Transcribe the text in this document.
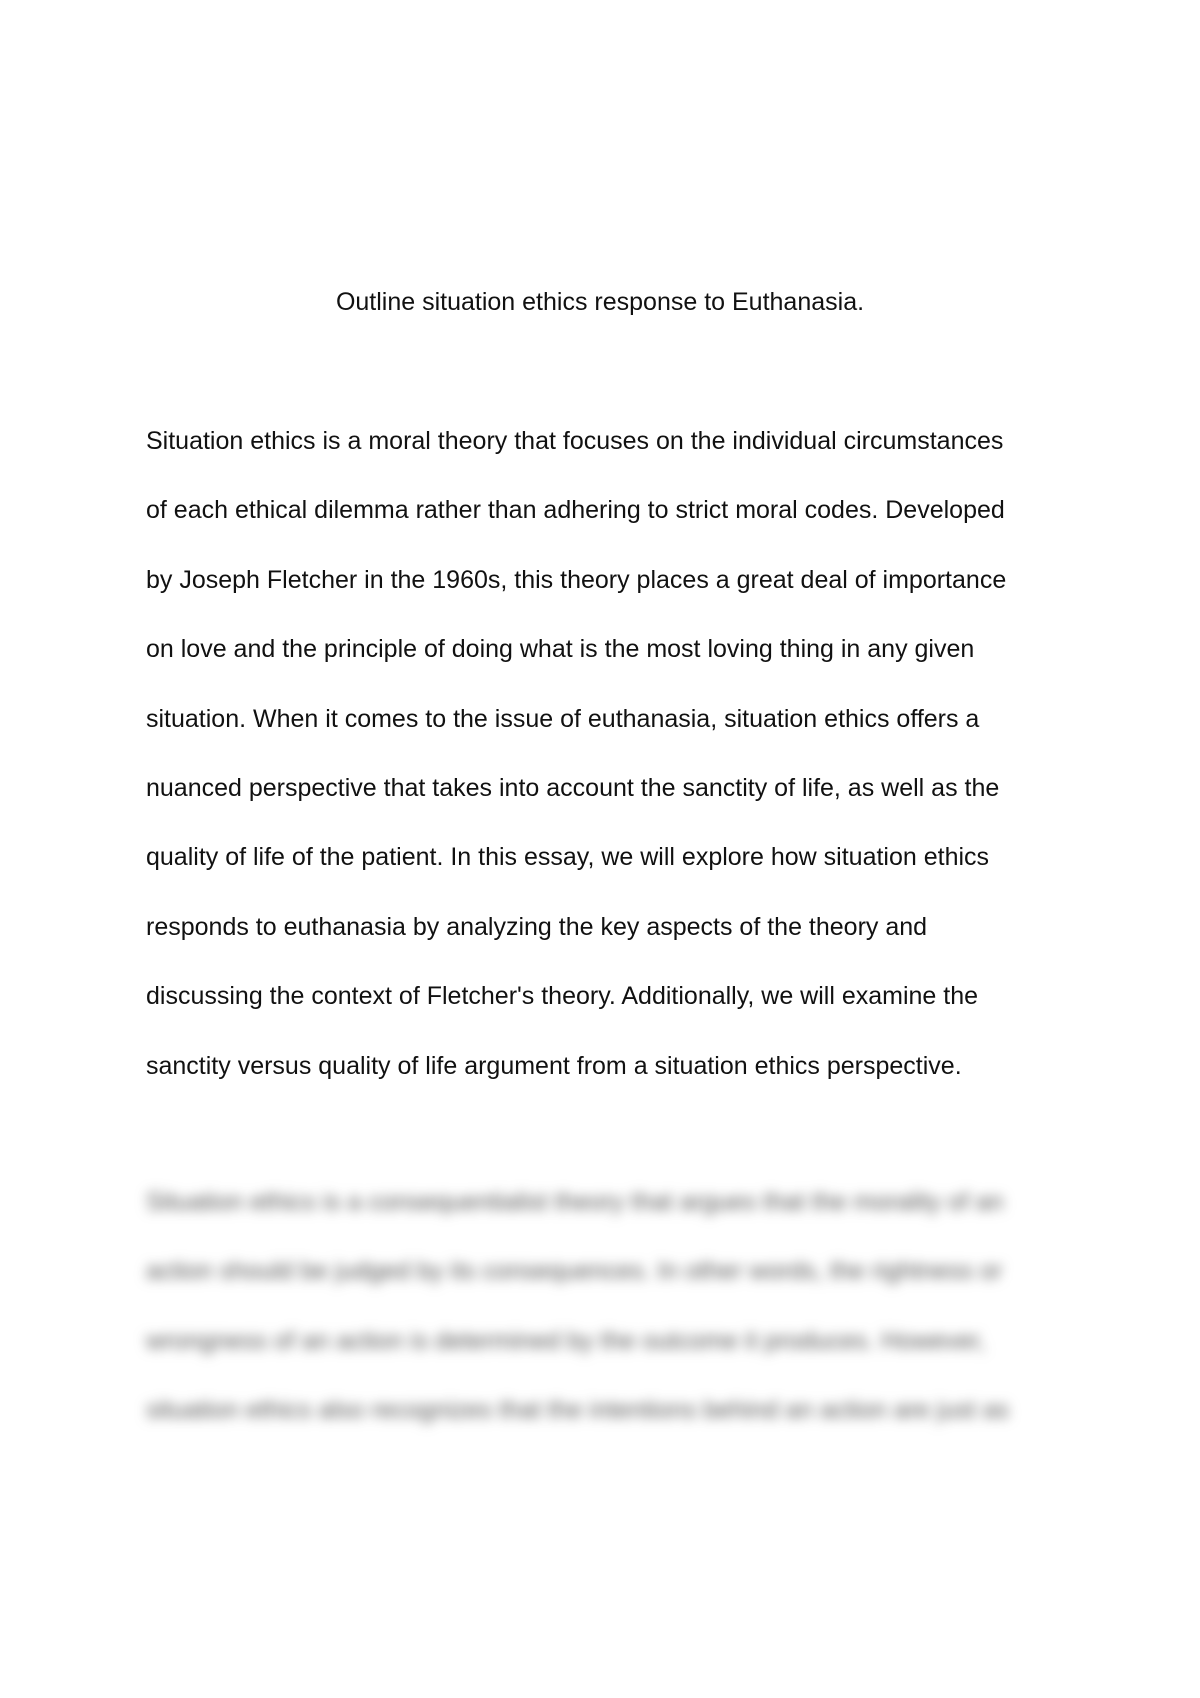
Outline situation ethics response to Euthanasia.

Situation ethics is a moral theory that focuses on the individual circumstances
of each ethical dilemma rather than adhering to strict moral codes. Developed
by Joseph Fletcher in the 1960s, this theory places a great deal of importance
on love and the principle of doing what is the most loving thing in any given
situation. When it comes to the issue of euthanasia, situation ethics offers a
nuanced perspective that takes into account the sanctity of life, as well as the
quality of life of the patient. In this essay, we will explore how situation ethics
responds to euthanasia by analyzing the key aspects of the theory and
discussing the context of Fletcher's theory. Additionally, we will examine the
sanctity versus quality of life argument from a situation ethics perspective.

Situation ethics is a consequentialist theory that argues that the morality of an
action should be judged by its consequences. In other words, the rightness or
wrongness of an action is determined by the outcome it produces. However,
situation ethics also recognizes that the intentions behind an action are just as
